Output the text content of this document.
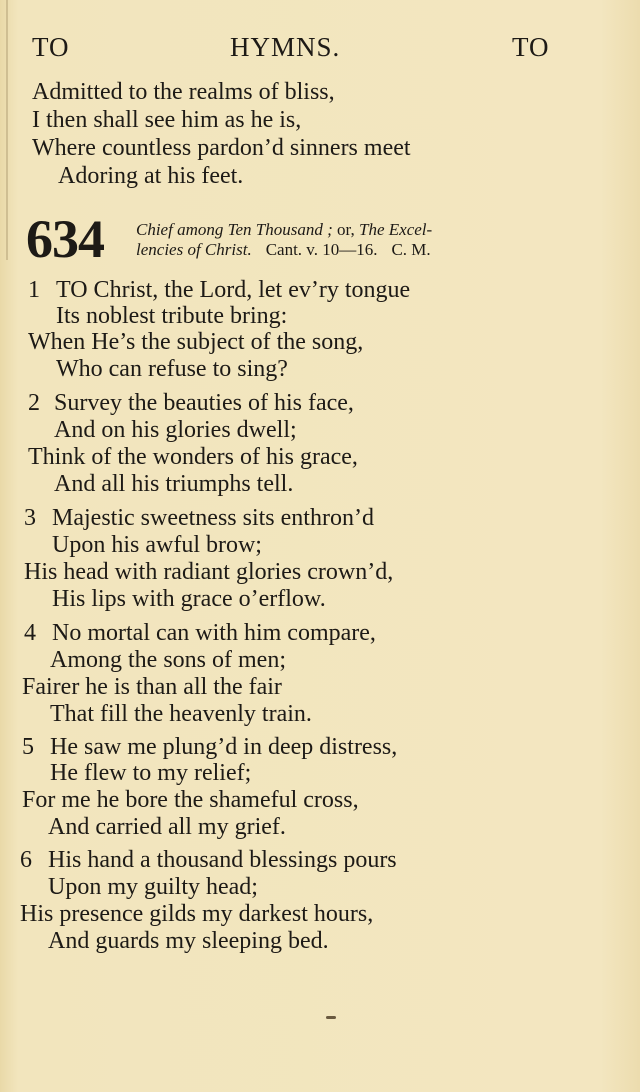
TO	HYMNS.	TO
Admitted to the realms of bliss,
I then shall see him as he is,
Where countless pardon’d sinners meet
Adoring at his feet.
634 Chief among Ten Thousand ; or, The Excel-
lencies of Christ. Cant. v. 10—16. C. M.
1 TO Christ, the Lord, let ev’ry tongue
Its noblest tribute bring:
When He’s the subject of the song,
Who can refuse to sing?
2 Survey the beauties of his face,
And on his glories dwell;
Think of the wonders of his grace,
And all his triumphs tell.
3 Majestic sweetness sits enthron’d
Upon his awful brow;
His head with radiant glories crown’d,
His lips with grace o’erflow.
4 No mortal can with him compare,
Among the sons of men;
Fairer he is than all the fair
That fill the heavenly train.
5 He saw me plung’d in deep distress,
He flew to my relief;
For me he bore the shameful cross,
And carried all my grief.
6 His hand a thousand blessings pours
Upon my guilty head;
His presence gilds my darkest hours,
And guards my sleeping bed.
